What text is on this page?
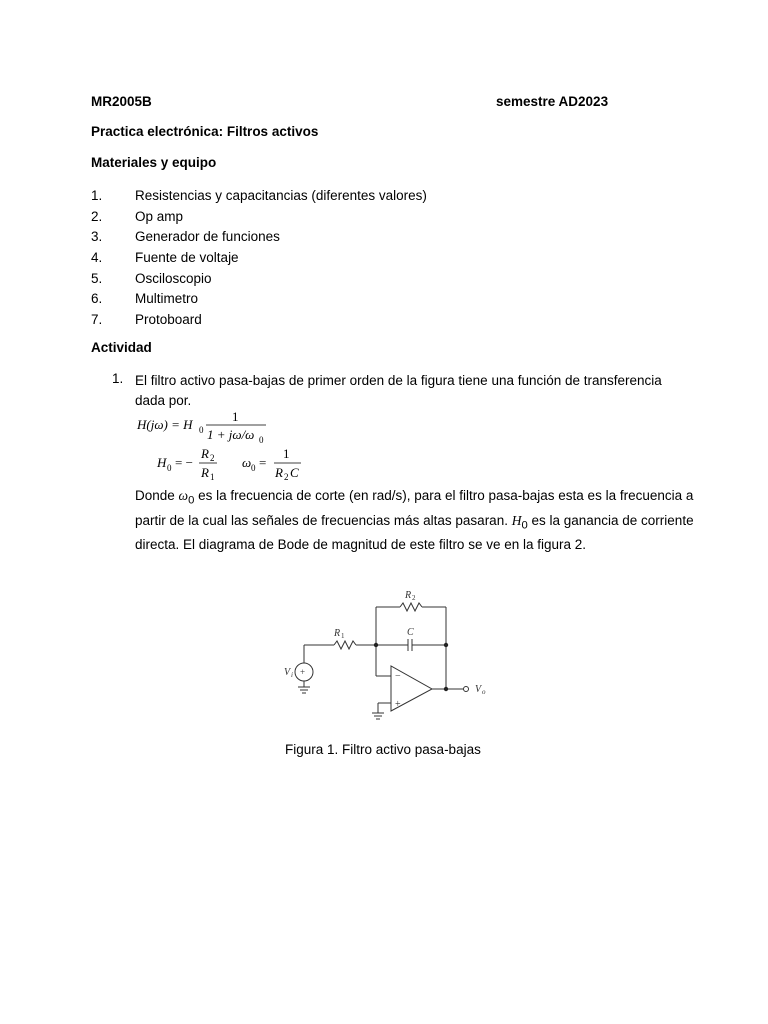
MR2005B	semestre AD2023
Practica electrónica: Filtros activos
Materiales y equipo
1. Resistencias y capacitancias (diferentes valores)
2. Op amp
3. Generador de funciones
4. Fuente de voltaje
5. Osciloscopio
6. Multimetro
7. Protoboard
Actividad
1. El filtro activo pasa-bajas de primer orden de la figura tiene una función de transferencia dada por.
H(jω) = H 0
1
1 + jω/ω 0
H 0 = −
R 2
R 1
ω 0 =
1
R 2 C
Donde $\omega_0$ es la frecuencia de corte (en rad/s), para el filtro pasa-bajas esta es la frecuencia a partir de la cual las señales de frecuencias más altas pasaran. $H_0$ es la ganancia de corriente directa. El diagrama de Bode de magnitud de este filtro se ve en la figura 2.
+	−
+
R 2
R 1	C
V i
V o
Figura 1. Filtro activo pasa-bajas
